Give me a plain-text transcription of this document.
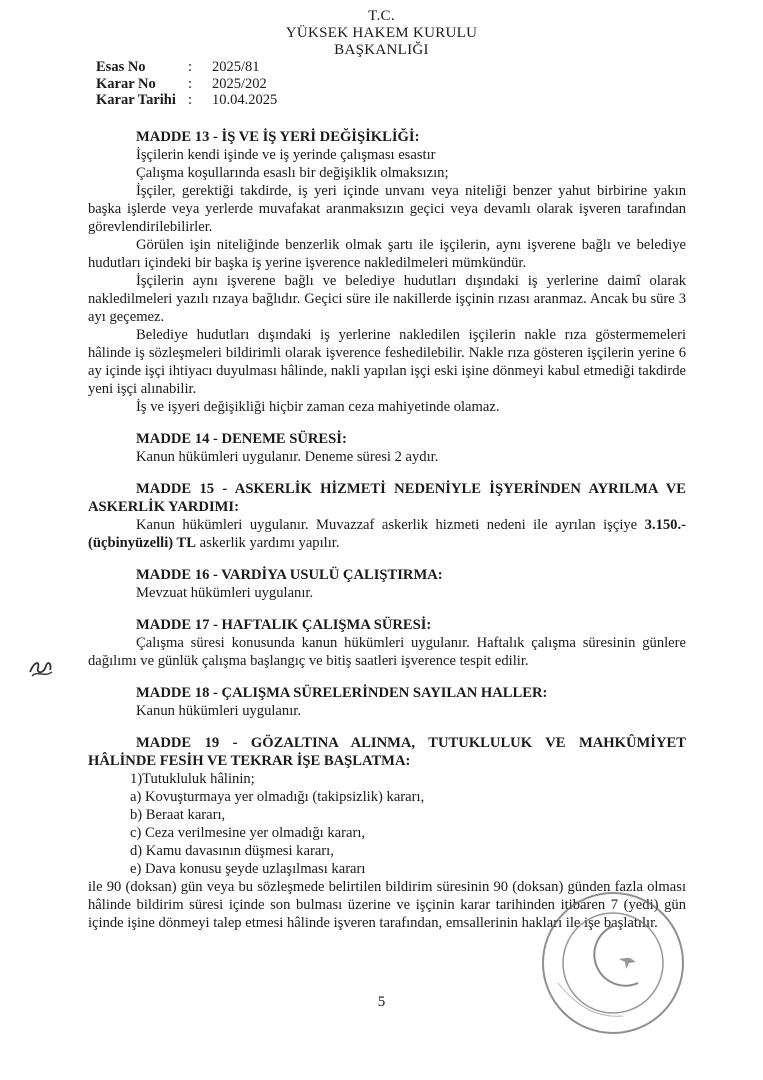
T.C.
YÜKSEK HAKEM KURULU
BAŞKANLIĞI
Esas No	:	2025/81
Karar No	:	2025/202
Karar Tarihi :	10.04.2025
MADDE 13 - İŞ VE İŞ YERİ DEĞİŞİKLİĞİ:
İşçilerin kendi işinde ve iş yerinde çalışması esastır
Çalışma koşullarında esaslı bir değişiklik olmaksızın;
İşçiler, gerektiği takdirde, iş yeri içinde unvanı veya niteliği benzer yahut birbirine yakın başka işlerde veya yerlerde muvafakat aranmaksızın geçici veya devamlı olarak işveren tarafından görevlendirilebilirler.
Görülen işin niteliğinde benzerlik olmak şartı ile işçilerin, aynı işverene bağlı ve belediye hudutları içindeki bir başka iş yerine işverence nakledilmeleri mümkündür.
İşçilerin aynı işverene bağlı ve belediye hudutları dışındaki iş yerlerine daimî olarak nakledilmeleri yazılı rızaya bağlıdır. Geçici süre ile nakillerde işçinin rızası aranmaz. Ancak bu süre 3 ayı geçemez.
Belediye hudutları dışındaki iş yerlerine nakledilen işçilerin nakle rıza göstermemeleri hâlinde iş sözleşmeleri bildirimli olarak işverence feshedilebilir. Nakle rıza gösteren işçilerin yerine 6 ay içinde işçi ihtiyacı duyulması hâlinde, nakli yapılan işçi eski işine dönmeyi kabul etmediği takdirde yeni işçi alınabilir.
İş ve işyeri değişikliği hiçbir zaman ceza mahiyetinde olamaz.
MADDE 14 - DENEME SÜRESİ:
Kanun hükümleri uygulanır. Deneme süresi 2 aydır.
MADDE 15 - ASKERLİK HİZMETİ NEDENİYLE İŞYERİNDEN AYRILMA VE ASKERLİK YARDIMI:
Kanun hükümleri uygulanır. Muvazzaf askerlik hizmeti nedeni ile ayrılan işçiye 3.150.-(üçbinyüzelli) TL askerlik yardımı yapılır.
MADDE 16 - VARDİYA USULÜ ÇALIŞTIRMA:
Mevzuat hükümleri uygulanır.
MADDE 17 - HAFTALIK ÇALIŞMA SÜRESİ:
Çalışma süresi konusunda kanun hükümleri uygulanır. Haftalık çalışma süresinin günlere dağılımı ve günlük çalışma başlangıç ve bitiş saatleri işverence tespit edilir.
MADDE 18 - ÇALIŞMA SÜRELERİNDEN SAYILAN HALLER:
Kanun hükümleri uygulanır.
MADDE 19 - GÖZALTINA ALINMA, TUTUKLULUK VE MAHKÛMİYET HÂLİNDE FESİH VE TEKRAR İŞE BAŞLATMA:
1)Tutukluluk hâlinin;
a) Kovuşturmaya yer olmadığı (takipsizlik) kararı,
b) Beraat kararı,
c) Ceza verilmesine yer olmadığı kararı,
d) Kamu davasının düşmesi kararı,
e) Dava konusu şeyde uzlaşılması kararı
ile 90 (doksan) gün veya bu sözleşmede belirtilen bildirim süresinin 90 (doksan) günden fazla olması hâlinde bildirim süresi içinde son bulması üzerine ve işçinin karar tarihinden itibaren 7 (yedi) gün içinde işine dönmeyi talep etmesi hâlinde işveren tarafından, emsallerinin hakları ile işe başlatılır.
5
